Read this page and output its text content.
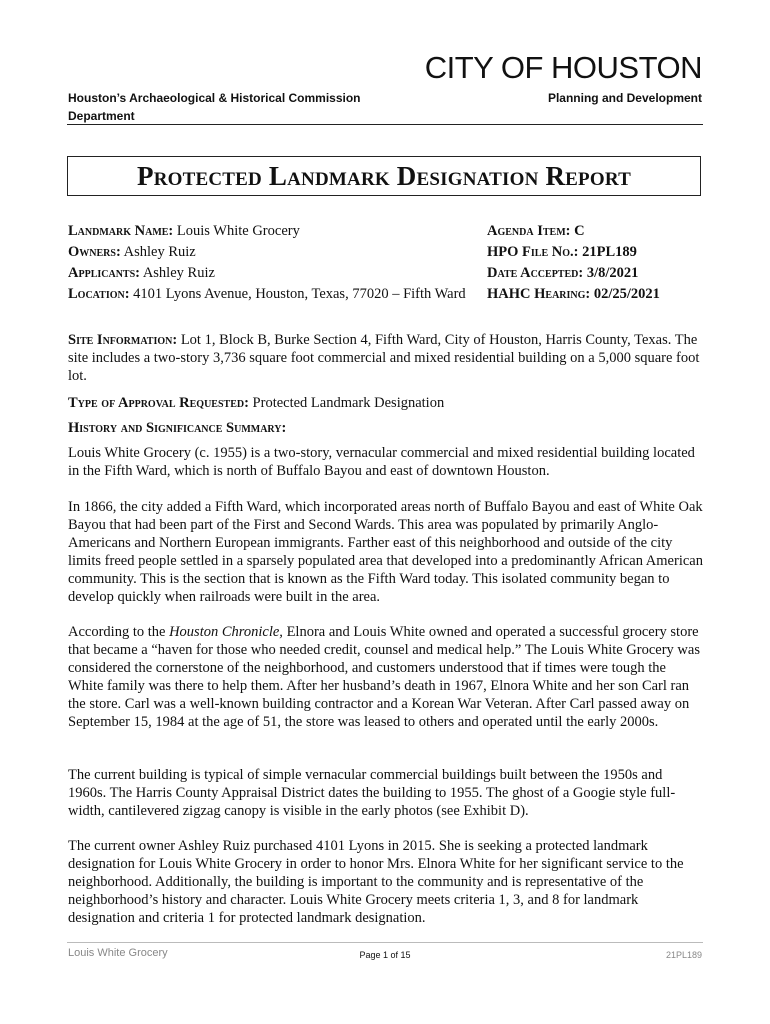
CITY OF HOUSTON
Houston’s Archaeological & Historical Commission Department
Planning and Development
Protected Landmark Designation Report
Landmark Name: Louis White Grocery
Owners: Ashley Ruiz
Applicants: Ashley Ruiz
Location: 4101 Lyons Avenue, Houston, Texas, 77020 – Fifth Ward
Agenda Item: C
HPO File No.: 21PL189
Date Accepted: 3/8/2021
HAHC Hearing: 02/25/2021

Site Information: Lot 1, Block B, Burke Section 4, Fifth Ward, City of Houston, Harris County, Texas. The site includes a two-story 3,736 square foot commercial and mixed residential building on a 5,000 square foot lot.

Type of Approval Requested: Protected Landmark Designation

History and Significance Summary:

Louis White Grocery (c. 1955) is a two-story, vernacular commercial and mixed residential building located in the Fifth Ward, which is north of Buffalo Bayou and east of downtown Houston.

In 1866, the city added a Fifth Ward, which incorporated areas north of Buffalo Bayou and east of White Oak Bayou that had been part of the First and Second Wards. This area was populated by primarily Anglo-Americans and Northern European immigrants. Farther east of this neighborhood and outside of the city limits freed people settled in a sparsely populated area that developed into a predominantly African American community. This is the section that is known as the Fifth Ward today. This isolated community began to develop quickly when railroads were built in the area.

According to the Houston Chronicle, Elnora and Louis White owned and operated a successful grocery store that became a “haven for those who needed credit, counsel and medical help.” The Louis White Grocery was considered the cornerstone of the neighborhood, and customers understood that if times were tough the White family was there to help them. After her husband’s death in 1967, Elnora White and her son Carl ran the store. Carl was a well-known building contractor and a Korean War Veteran. After Carl passed away on September 15, 1984 at the age of 51, the store was leased to others and operated until the early 2000s.

The current building is typical of simple vernacular commercial buildings built between the 1950s and 1960s. The Harris County Appraisal District dates the building to 1955. The ghost of a Googie style full-width, cantilevered zigzag canopy is visible in the early photos (see Exhibit D).

The current owner Ashley Ruiz purchased 4101 Lyons in 2015. She is seeking a protected landmark designation for Louis White Grocery in order to honor Mrs. Elnora White for her significant service to the neighborhood. Additionally, the building is important to the community and is representative of the neighborhood’s history and character. Louis White Grocery meets criteria 1, 3, and 8 for landmark designation and criteria 1 for protected landmark designation.

Louis White Grocery	Page 1 of 15	21PL189
